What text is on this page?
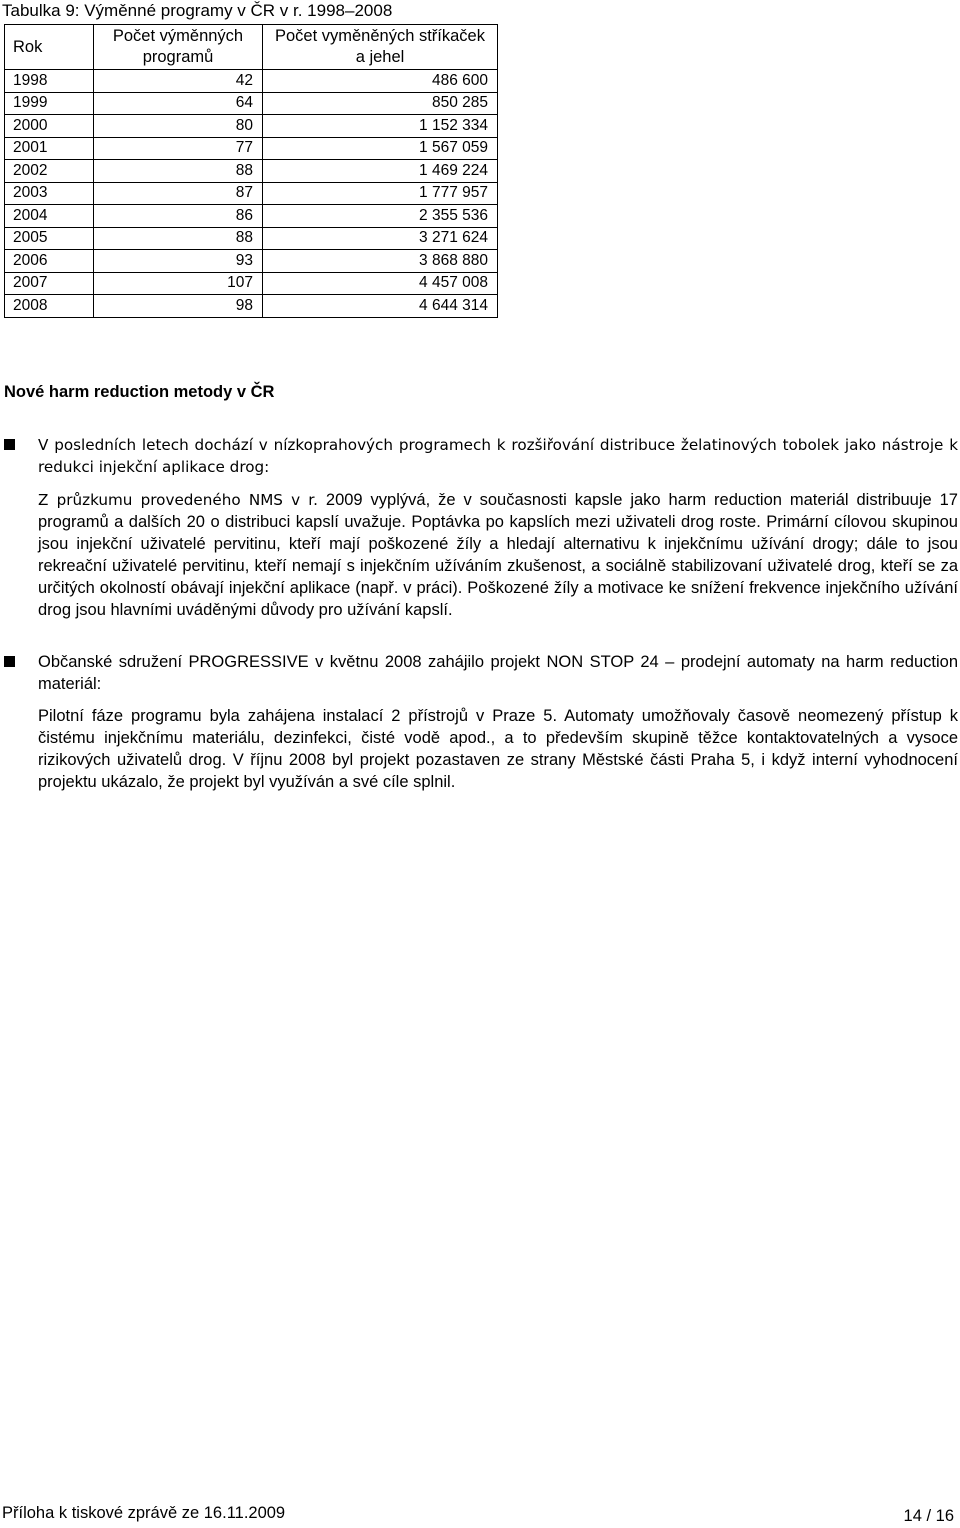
Tabulka 9: Výměnné programy v ČR v r. 1998–2008
Rok	Počet výměnných programů	Počet vyměněných stříkaček a jehel
1998	42	486 600
1999	64	850 285
2000	80	1 152 334
2001	77	1 567 059
2002	88	1 469 224
2003	87	1 777 957
2004	86	2 355 536
2005	88	3 271 624
2006	93	3 868 880
2007	107	4 457 008
2008	98	4 644 314
Nové harm reduction metody v ČR

V posledních letech dochází v nízkoprahových programech k rozšiřování distribuce želatinových tobolek jako nástroje k redukci injekční aplikace drog:

Z průzkumu provedeného NMS v r. 2009 vyplývá, že v současnosti kapsle jako harm reduction materiál distribuuje 17 programů a dalších 20 o distribuci kapslí uvažuje. Poptávka po kapslích mezi uživateli drog roste. Primární cílovou skupinou jsou injekční uživatelé pervitinu, kteří mají poškozené žíly a hledají alternativu k injekčnímu užívání drogy; dále to jsou rekreační uživatelé pervitinu, kteří nemají s injekčním užíváním zkušenost, a sociálně stabilizovaní uživatelé drog, kteří se za určitých okolností obávají injekční aplikace (např. v práci). Poškozené žíly a motivace ke snížení frekvence injekčního užívání drog jsou hlavními uváděnými důvody pro užívání kapslí.

Občanské sdružení PROGRESSIVE v květnu 2008 zahájilo projekt NON STOP 24 – prodejní automaty na harm reduction materiál:

Pilotní fáze programu byla zahájena instalací 2 přístrojů v Praze 5. Automaty umožňovaly časově neomezený přístup k čistému injekčnímu materiálu, dezinfekci, čisté vodě apod., a to především skupině těžce kontaktovatelných a vysoce rizikových uživatelů drog. V říjnu 2008 byl projekt pozastaven ze strany Městské části Praha 5, i když interní vyhodnocení projektu ukázalo, že projekt byl využíván a své cíle splnil.

Příloha k tiskové zprávě ze 16.11.2009	14 / 16
